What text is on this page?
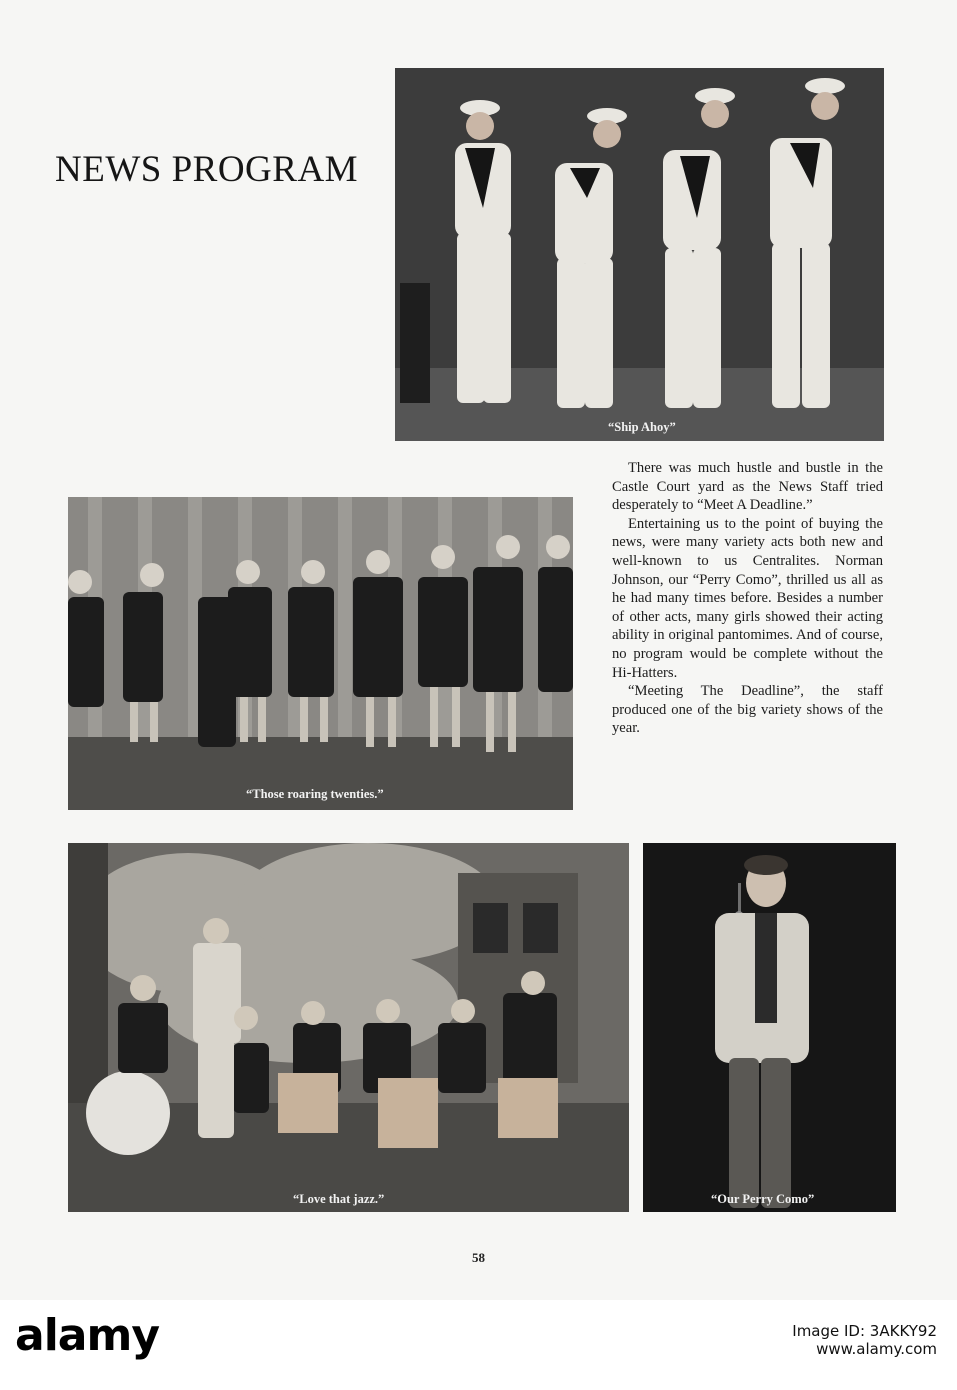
NEWS PROGRAM
“Ship Ahoy”
“Those roaring twenties.”

There was much hustle and bustle in the Castle Court yard as the News Staff tried desperately to “Meet A Deadline.”

Entertaining us to the point of buying the news, were many variety acts both new and well-known to us Centralites. Norman Johnson, our “Perry Como”, thrilled us all as he had many times before. Besides a number of other acts, many girls showed their acting ability in original pantomimes. And of course, no program would be complete without the Hi-Hatters.

“Meeting The Deadline”, the staff produced one of the big variety shows of the year.

“Love that jazz.”	“Our Perry Como”
58
alamy	Image ID: 3AKKY92
www.alamy.com
